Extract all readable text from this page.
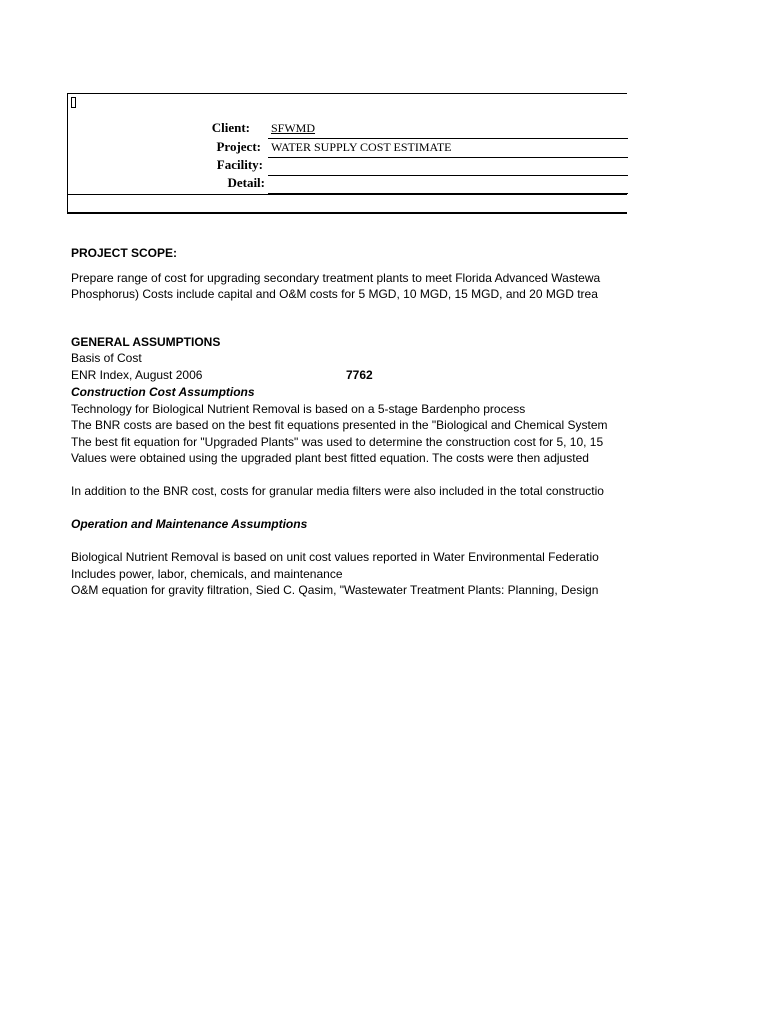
Client: SFWMD
Project: WATER SUPPLY COST ESTIMATE
Facility:
Detail:
PROJECT SCOPE:
Prepare range of cost for upgrading secondary treatment plants to meet Florida Advanced Wastewa
Phosphorus) Costs include capital and O&M costs for 5 MGD, 10 MGD, 15 MGD, and 20 MGD trea
GENERAL ASSUMPTIONS
Basis of Cost
ENR Index, August 2006	7762
Construction Cost Assumptions
Technology for Biological Nutrient Removal is based on a 5-stage Bardenpho process
The BNR costs are based on the best fit equations presented in the "Biological and Chemical System
The best fit equation for "Upgraded Plants" was used to determine the construction cost for 5, 10, 15
Values were obtained using the upgraded plant best fitted equation. The costs were then adjusted
In addition to the BNR cost, costs for granular media filters were also included in the total constructio
Operation and Maintenance Assumptions
Biological Nutrient Removal is based on unit cost values reported in Water Environmental Federatio
Includes power, labor, chemicals, and maintenance
O&M equation for gravity filtration, Sied C. Qasim, "Wastewater Treatment Plants: Planning, Design
